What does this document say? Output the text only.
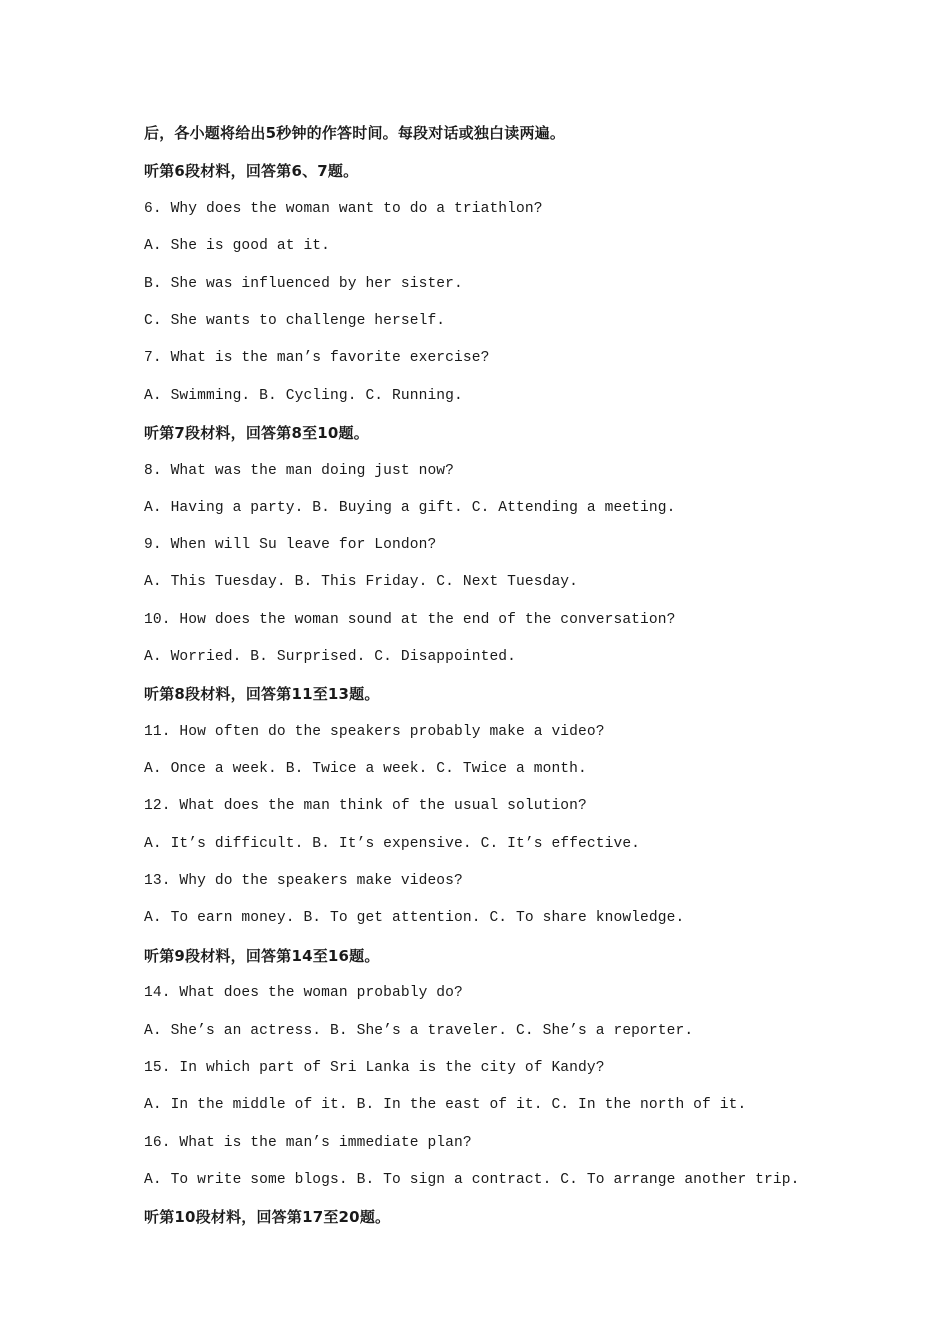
后，各小题将给出5秒钟的作答时间。每段对话或独白读两遍。
听第6段材料，回答第6、7题。
6. Why does the woman want to do a triathlon?
A. She is good at it.
B. She was influenced by her sister.
C. She wants to challenge herself.
7. What is the man’s favorite exercise?
A. Swimming. B. Cycling. C. Running.
听第7段材料，回答第8至10题。
8. What was the man doing just now?
A. Having a party. B. Buying a gift. C. Attending a meeting.
9. When will Su leave for London?
A. This Tuesday. B. This Friday. C. Next Tuesday.
10. How does the woman sound at the end of the conversation?
A. Worried. B. Surprised. C. Disappointed.
听第8段材料，回答第11至13题。
11. How often do the speakers probably make a video?
A. Once a week. B. Twice a week. C. Twice a month.
12. What does the man think of the usual solution?
A. It’s difficult. B. It’s expensive. C. It’s effective.
13. Why do the speakers make videos?
A. To earn money. B. To get attention. C. To share knowledge.
听第9段材料，回答第14至16题。
14. What does the woman probably do?
A. She’s an actress. B. She’s a traveler. C. She’s a reporter.
15. In which part of Sri Lanka is the city of Kandy?
A. In the middle of it. B. In the east of it. C. In the north of it.
16. What is the man’s immediate plan?
A. To write some blogs. B. To sign a contract. C. To arrange another trip.
听第10段材料，回答第17至20题。
